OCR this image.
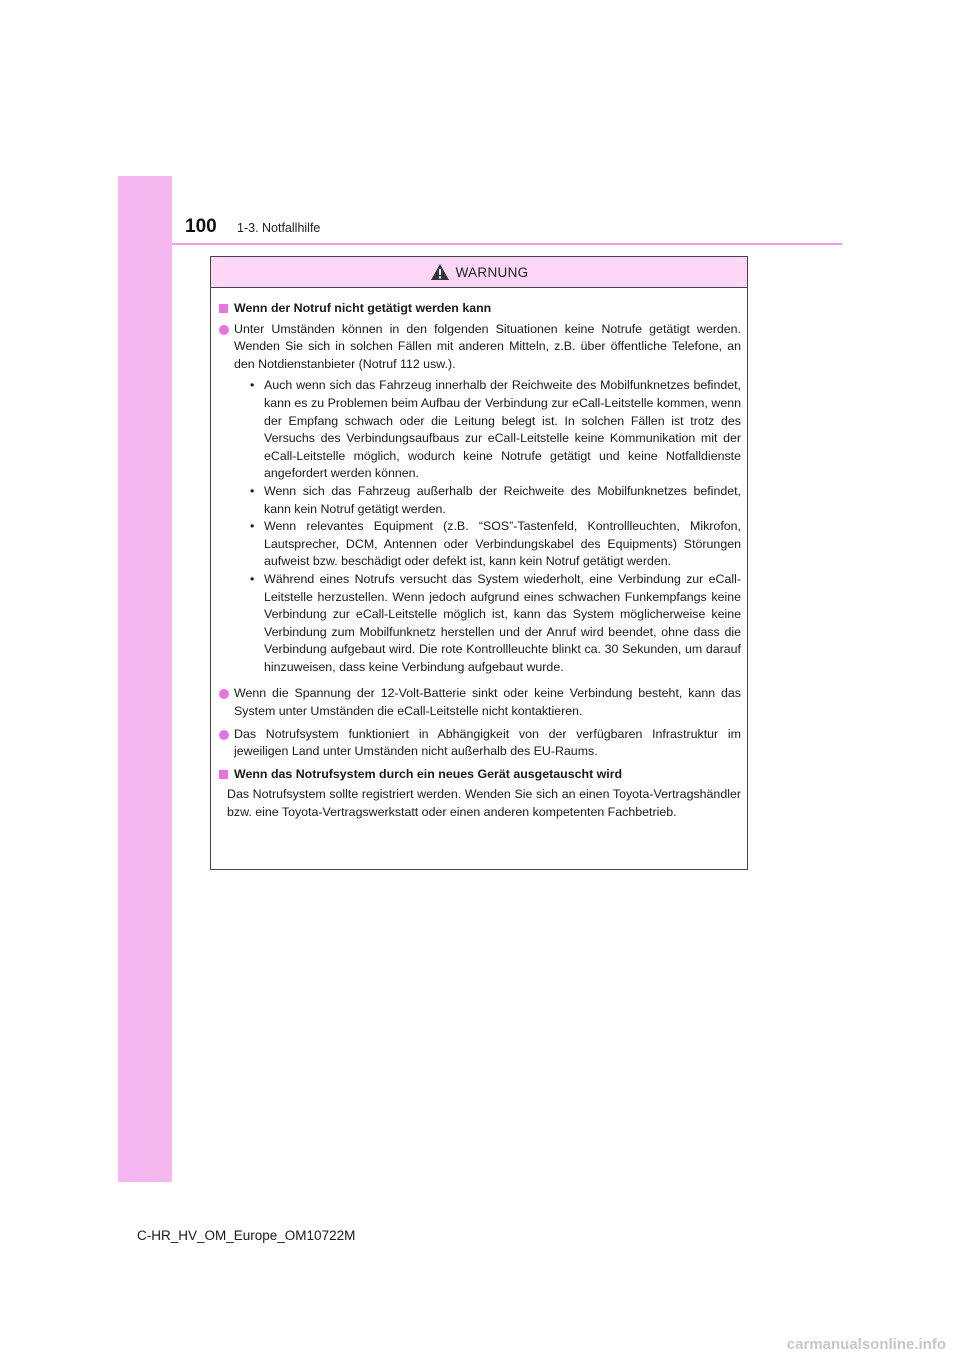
100 1-3. Notfallhilfe
WARNUNG
Wenn der Notruf nicht getätigt werden kann
Unter Umständen können in den folgenden Situationen keine Notrufe getätigt werden. Wenden Sie sich in solchen Fällen mit anderen Mitteln, z.B. über öffentliche Telefone, an den Notdienstanbieter (Notruf 112 usw.).
• Auch wenn sich das Fahrzeug innerhalb der Reichweite des Mobilfunknetzes befindet, kann es zu Problemen beim Aufbau der Verbindung zur eCall-Leitstelle kommen, wenn der Empfang schwach oder die Leitung belegt ist. In solchen Fällen ist trotz des Versuchs des Verbindungsaufbaus zur eCall-Leitstelle keine Kommunikation mit der eCall-Leitstelle möglich, wodurch keine Notrufe getätigt und keine Notfalldienste angefordert werden können.
• Wenn sich das Fahrzeug außerhalb der Reichweite des Mobilfunknetzes befindet, kann kein Notruf getätigt werden.
• Wenn relevantes Equipment (z.B. “SOS”-Tastenfeld, Kontrollleuchten, Mikrofon, Lautsprecher, DCM, Antennen oder Verbindungskabel des Equipments) Störungen aufweist bzw. beschädigt oder defekt ist, kann kein Notruf getätigt werden.
• Während eines Notrufs versucht das System wiederholt, eine Verbindung zur eCall-Leitstelle herzustellen. Wenn jedoch aufgrund eines schwachen Funkempfangs keine Verbindung zur eCall-Leitstelle möglich ist, kann das System möglicherweise keine Verbindung zum Mobilfunknetz herstellen und der Anruf wird beendet, ohne dass die Verbindung aufgebaut wird. Die rote Kontrollleuchte blinkt ca. 30 Sekunden, um darauf hinzuweisen, dass keine Verbindung aufgebaut wurde.
Wenn die Spannung der 12-Volt-Batterie sinkt oder keine Verbindung besteht, kann das System unter Umständen die eCall-Leitstelle nicht kontaktieren.
Das Notrufsystem funktioniert in Abhängigkeit von der verfügbaren Infrastruktur im jeweiligen Land unter Umständen nicht außerhalb des EU-Raums.
Wenn das Notrufsystem durch ein neues Gerät ausgetauscht wird
Das Notrufsystem sollte registriert werden. Wenden Sie sich an einen Toyota-Vertragshändler bzw. eine Toyota-Vertragswerkstatt oder einen anderen kompetenten Fachbetrieb.
C-HR_HV_OM_Europe_OM10722M
carmanualsonline.info
